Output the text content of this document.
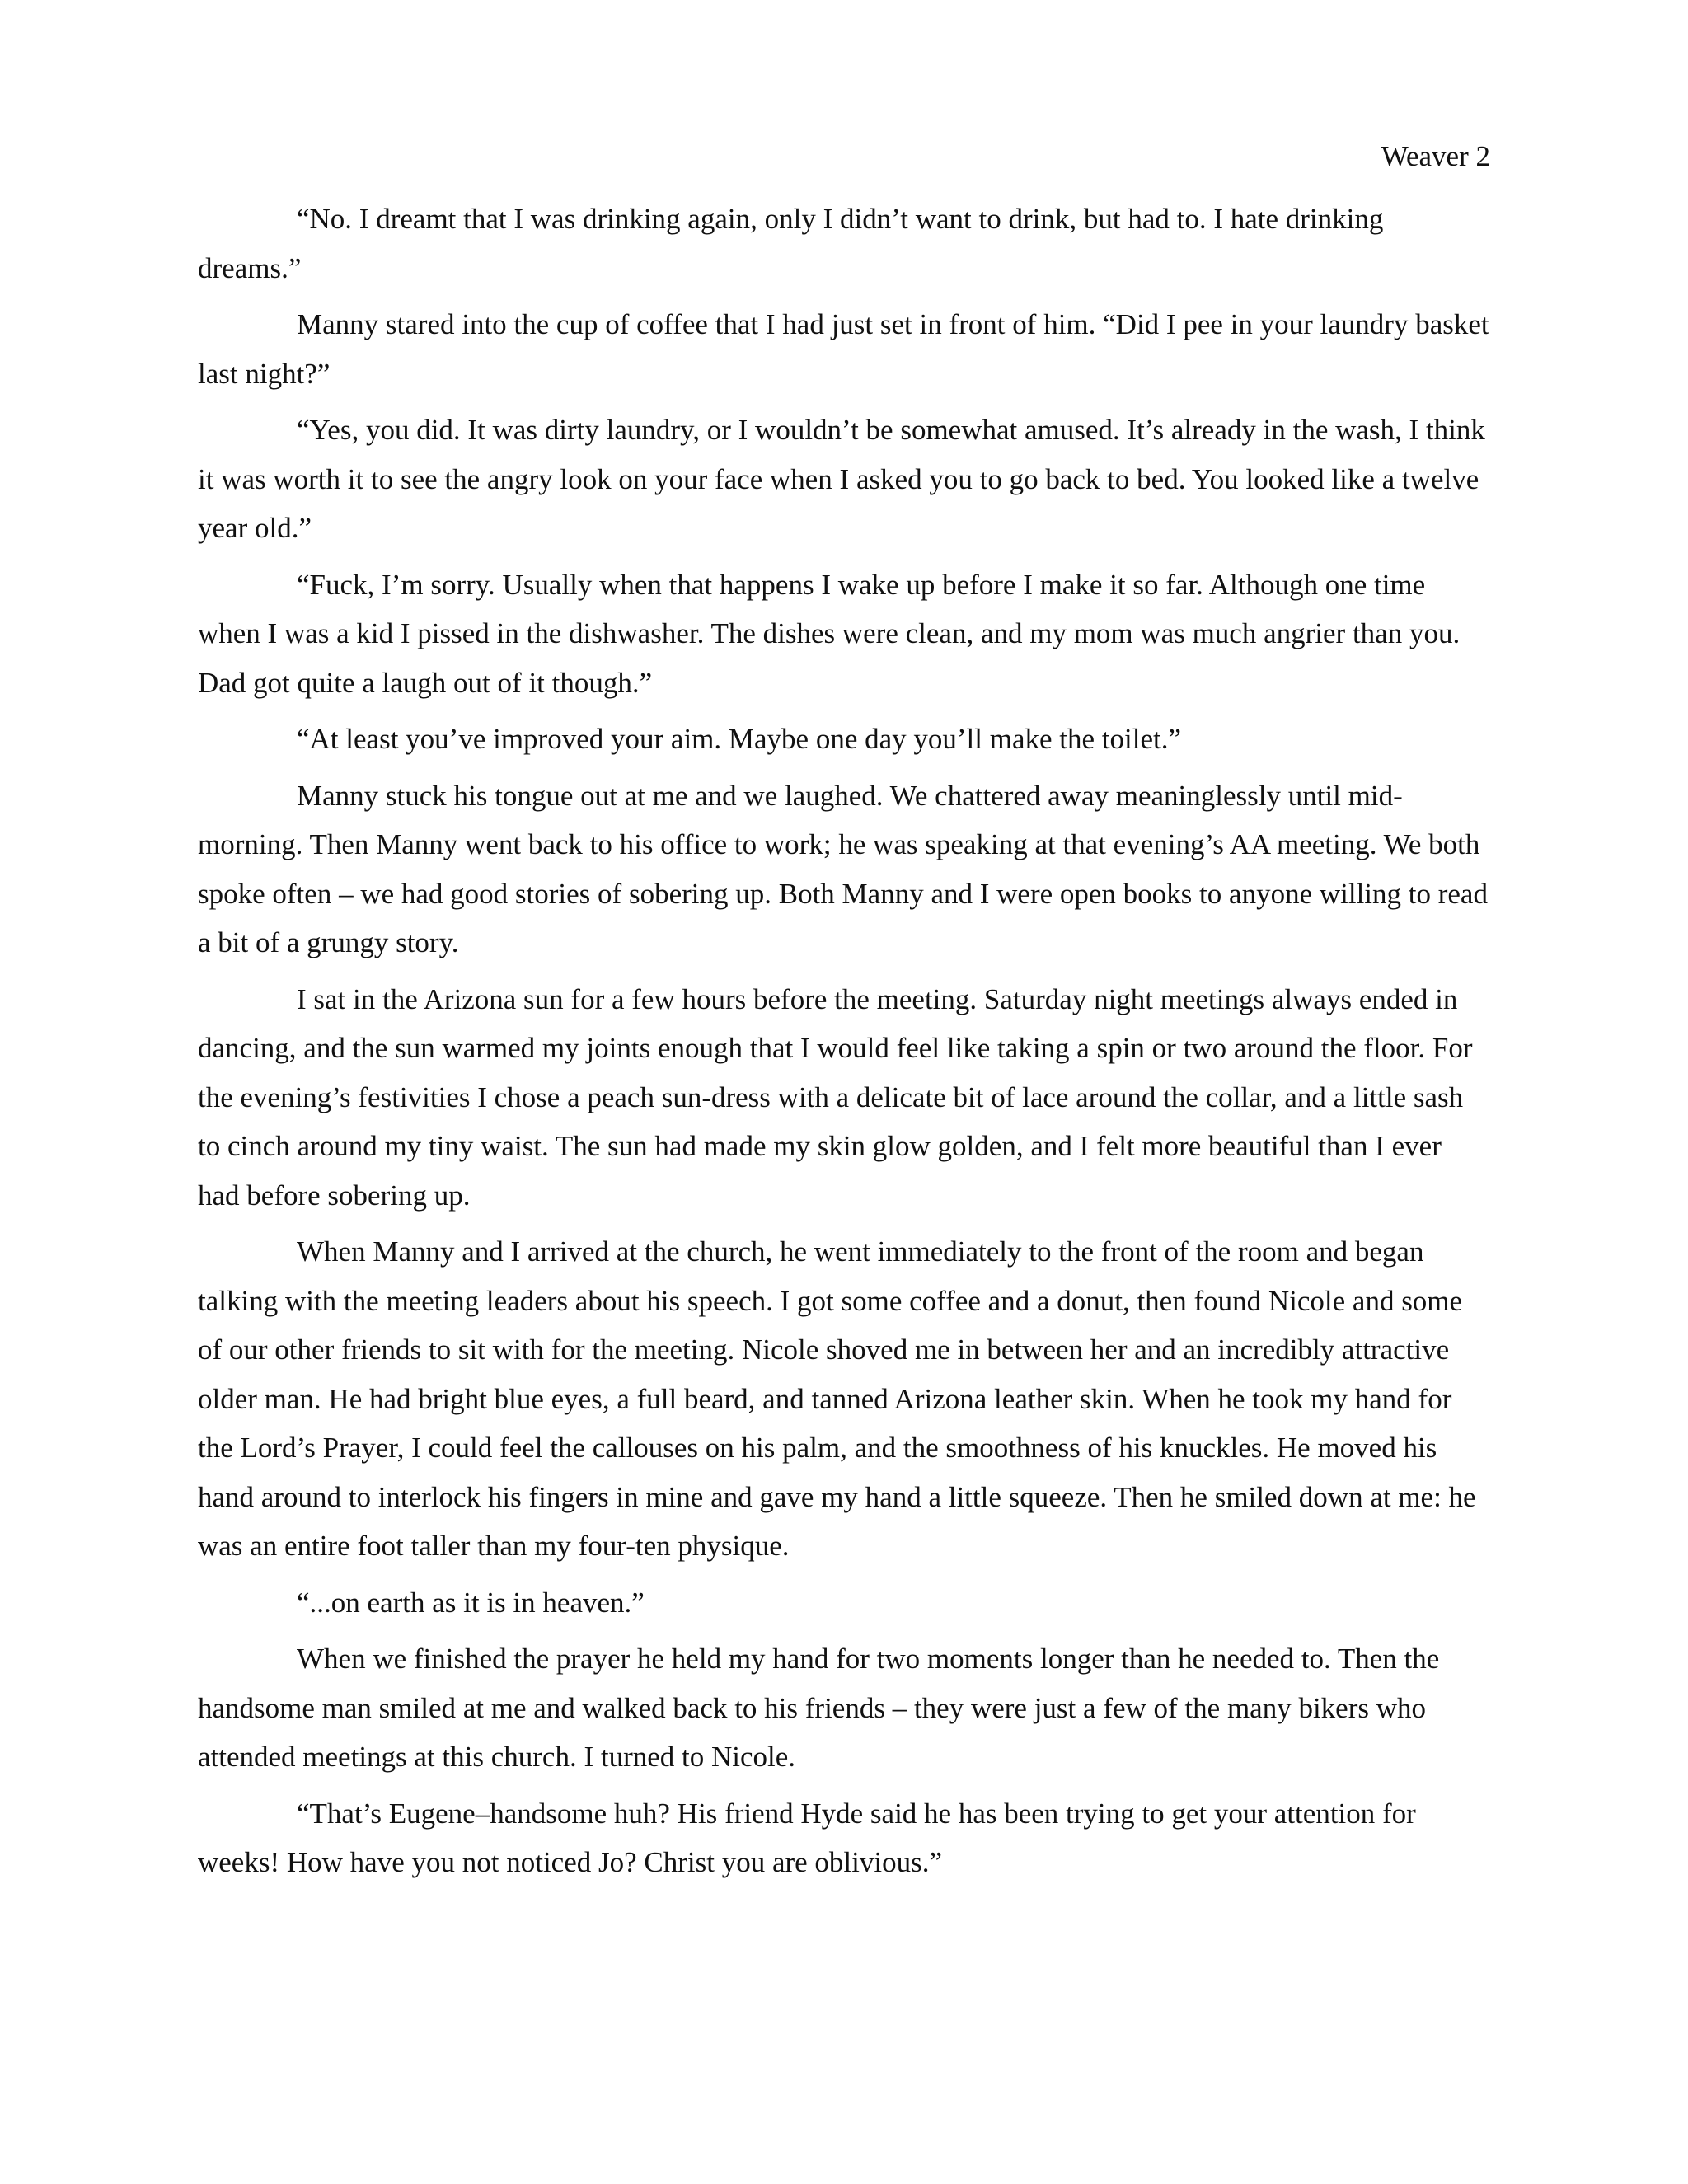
Weaver 2

“No. I dreamt that I was drinking again, only I didn’t want to drink, but had to. I hate drinking dreams.”

Manny stared into the cup of coffee that I had just set in front of him. “Did I pee in your laundry basket last night?”

“Yes, you did. It was dirty laundry, or I wouldn’t be somewhat amused. It’s already in the wash, I think it was worth it to see the angry look on your face when I asked you to go back to bed. You looked like a twelve year old.”

“Fuck, I’m sorry. Usually when that happens I wake up before I make it so far. Although one time when I was a kid I pissed in the dishwasher. The dishes were clean, and my mom was much angrier than you. Dad got quite a laugh out of it though.”

“At least you’ve improved your aim. Maybe one day you’ll make the toilet.”

Manny stuck his tongue out at me and we laughed. We chattered away meaninglessly until mid-morning. Then Manny went back to his office to work; he was speaking at that evening’s AA meeting. We both spoke often – we had good stories of sobering up. Both Manny and I were open books to anyone willing to read a bit of a grungy story.

I sat in the Arizona sun for a few hours before the meeting. Saturday night meetings always ended in dancing, and the sun warmed my joints enough that I would feel like taking a spin or two around the floor. For the evening’s festivities I chose a peach sun-dress with a delicate bit of lace around the collar, and a little sash to cinch around my tiny waist. The sun had made my skin glow golden, and I felt more beautiful than I ever had before sobering up.

When Manny and I arrived at the church, he went immediately to the front of the room and began talking with the meeting leaders about his speech. I got some coffee and a donut, then found Nicole and some of our other friends to sit with for the meeting. Nicole shoved me in between her and an incredibly attractive older man. He had bright blue eyes, a full beard, and tanned Arizona leather skin. When he took my hand for the Lord’s Prayer, I could feel the callouses on his palm, and the smoothness of his knuckles. He moved his hand around to interlock his fingers in mine and gave my hand a little squeeze. Then he smiled down at me: he was an entire foot taller than my four-ten physique.

“...on earth as it is in heaven.”

When we finished the prayer he held my hand for two moments longer than he needed to. Then the handsome man smiled at me and walked back to his friends – they were just a few of the many bikers who attended meetings at this church. I turned to Nicole.

“That’s Eugene–handsome huh? His friend Hyde said he has been trying to get your attention for weeks! How have you not noticed Jo? Christ you are oblivious.”
